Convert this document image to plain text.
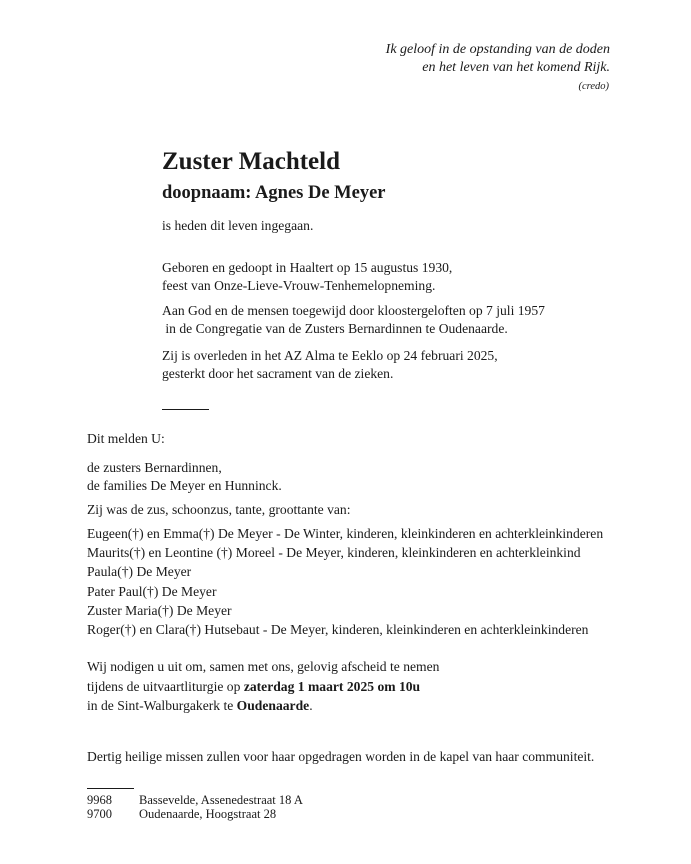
Ik geloof in de opstanding van de doden
en het leven van het komend Rijk.
(credo)
Zuster Machteld
doopnaam: Agnes De Meyer
is heden dit leven ingegaan.
Geboren en gedoopt in Haaltert op 15 augustus 1930,
feest van Onze-Lieve-Vrouw-Tenhemelopneming.
Aan God en de mensen toegewijd door kloostergeloften op 7 juli 1957
in de Congregatie van de Zusters Bernardinnen te Oudenaarde.
Zij is overleden in het AZ Alma te Eeklo op 24 februari 2025,
gesterkt door het sacrament van de zieken.
Dit melden U:
de zusters Bernardinnen,
de families De Meyer en Hunninck.
Zij was de zus, schoonzus, tante, groottante van:
Eugeen(†) en Emma(†) De Meyer - De Winter, kinderen, kleinkinderen en achterkleinkinderen
Maurits(†) en Leontine (†) Moreel - De Meyer, kinderen, kleinkinderen en achterkleinkind
Paula(†) De Meyer
Pater Paul(†) De Meyer
Zuster Maria(†) De Meyer
Roger(†) en Clara(†) Hutsebaut - De Meyer, kinderen, kleinkinderen en achterkleinkinderen
Wij nodigen u uit om, samen met ons, gelovig afscheid te nemen
tijdens de uitvaartliturgie op zaterdag 1 maart 2025 om 10u
in de Sint-Walburgakerk te Oudenaarde.
Dertig heilige missen zullen voor haar opgedragen worden in de kapel van haar communiteit.
9968 Bassevelde, Assenedestraat 18 A
9700 Oudenaarde, Hoogstraat 28
